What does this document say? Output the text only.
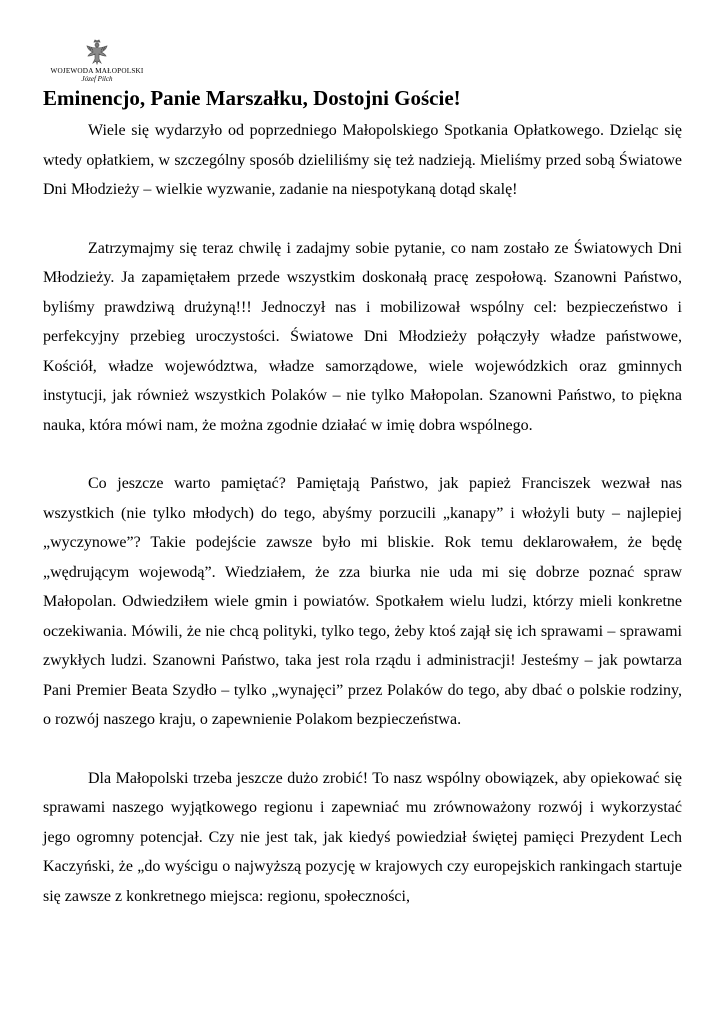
WOJEWODA MAŁOPOLSKI
Józef Pilch
Eminencjo, Panie Marszałku, Dostojni Goście!

Wiele się wydarzyło od poprzedniego Małopolskiego Spotkania Opłatkowego. Dzieląc się wtedy opłatkiem, w szczególny sposób dzieliliśmy się też nadzieją. Mieliśmy przed sobą Światowe Dni Młodzieży – wielkie wyzwanie, zadanie na niespotykaną dotąd skalę!

Zatrzymajmy się teraz chwilę i zadajmy sobie pytanie, co nam zostało ze Światowych Dni Młodzieży. Ja zapamiętałem przede wszystkim doskonałą pracę zespołową. Szanowni Państwo, byliśmy prawdziwą drużyną!!! Jednoczył nas i mobilizował wspólny cel: bezpieczeństwo i perfekcyjny przebieg uroczystości. Światowe Dni Młodzieży połączyły władze państwowe, Kościół, władze województwa, władze samorządowe, wiele wojewódzkich oraz gminnych instytucji, jak również wszystkich Polaków – nie tylko Małopolan. Szanowni Państwo, to piękna nauka, która mówi nam, że można zgodnie działać w imię dobra wspólnego.

Co jeszcze warto pamiętać? Pamiętają Państwo, jak papież Franciszek wezwał nas wszystkich (nie tylko młodych) do tego, abyśmy porzucili „kanapy” i włożyli buty – najlepiej „wyczynowe”? Takie podejście zawsze było mi bliskie. Rok temu deklarowałem, że będę „wędrującym wojewodą”. Wiedziałem, że zza biurka nie uda mi się dobrze poznać spraw Małopolan. Odwiedziłem wiele gmin i powiatów. Spotkałem wielu ludzi, którzy mieli konkretne oczekiwania. Mówili, że nie chcą polityki, tylko tego, żeby ktoś zajął się ich sprawami – sprawami zwykłych ludzi. Szanowni Państwo, taka jest rola rządu i administracji! Jesteśmy – jak powtarza Pani Premier Beata Szydło – tylko „wynajęci” przez Polaków do tego, aby dbać o polskie rodziny, o rozwój naszego kraju, o zapewnienie Polakom bezpieczeństwa.

Dla Małopolski trzeba jeszcze dużo zrobić! To nasz wspólny obowiązek, aby opiekować się sprawami naszego wyjątkowego regionu i zapewniać mu zrównoważony rozwój i wykorzystać jego ogromny potencjał. Czy nie jest tak, jak kiedyś powiedział świętej pamięci Prezydent Lech Kaczyński, że „do wyścigu o najwyższą pozycję w krajowych czy europejskich rankingach startuje się zawsze z konkretnego miejsca: regionu, społeczności,
